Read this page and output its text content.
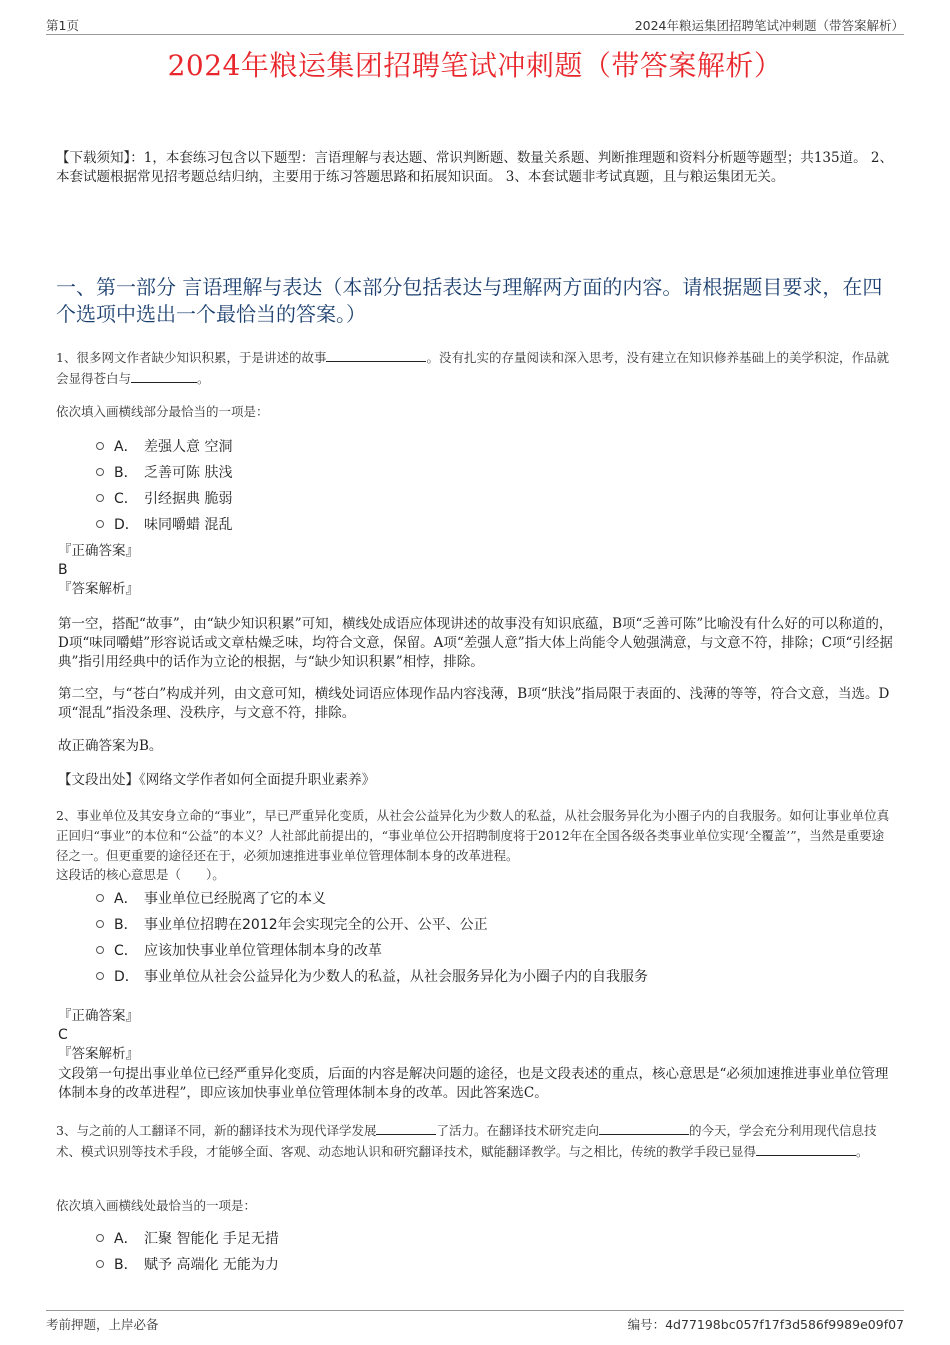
第1页	2024年粮运集团招聘笔试冲刺题（带答案解析）
2024年粮运集团招聘笔试冲刺题（带答案解析）
【下载须知】：1，本套练习包含以下题型：言语理解与表达题、常识判断题、数量关系题、判断推理题和资料分析题等题型；共135道。 2、本套试题根据常见招考题总结归纳，主要用于练习答题思路和拓展知识面。 3、本套试题非考试真题，且与粮运集团无关。
一、第一部分 言语理解与表达（本部分包括表达与理解两方面的内容。请根据题目要求，在四个选项中选出一个最恰当的答案。）
1、很多网文作者缺少知识积累，于是讲述的故事	。没有扎实的存量阅读和深入思考，没有建立在知识修养基础上的美学积淀，作品就会显得苍白与	。
依次填入画横线部分最恰当的一项是：
A． 差强人意 空洞
B． 乏善可陈 肤浅
C． 引经据典 脆弱
D． 味同嚼蜡 混乱
『正确答案』
B
『答案解析』
第一空，搭配“故事”，由“缺少知识积累”可知，横线处成语应体现讲述的故事没有知识底蕴，B项“乏善可陈”比喻没有什么好的可以称道的，D项“味同嚼蜡”形容说话或文章枯燥乏味，均符合文意，保留。A项“差强人意”指大体上尚能令人勉强满意，与文意不符，排除；C项“引经据典”指引用经典中的话作为立论的根据，与“缺少知识积累”相悖，排除。
第二空，与“苍白”构成并列，由文意可知，横线处词语应体现作品内容浅薄，B项“肤浅”指局限于表面的、浅薄的等等，符合文意，当选。D项“混乱”指没条理、没秩序，与文意不符，排除。
故正确答案为B。
【文段出处】《网络文学作者如何全面提升职业素养》
2、事业单位及其安身立命的“事业”，早已严重异化变质，从社会公益异化为少数人的私益，从社会服务异化为小圈子内的自我服务。如何让事业单位真正回归“事业”的本位和“公益”的本义？人社部此前提出的，“事业单位公开招聘制度将于2012年在全国各级各类事业单位实现‘全覆盖’”，当然是重要途径之一。但更重要的途径还在于，必须加速推进事业单位管理体制本身的改革进程。
这段话的核心意思是（　　）。
A． 事业单位已经脱离了它的本义
B． 事业单位招聘在2012年会实现完全的公开、公平、公正
C． 应该加快事业单位管理体制本身的改革
D． 事业单位从社会公益异化为少数人的私益，从社会服务异化为小圈子内的自我服务
『正确答案』
C
『答案解析』
文段第一句提出事业单位已经严重异化变质，后面的内容是解决问题的途径，也是文段表述的重点，核心意思是“必须加速推进事业单位管理体制本身的改革进程”，即应该加快事业单位管理体制本身的改革。因此答案选C。
3、与之前的人工翻译不同，新的翻译技术为现代译学发展	了活力。在翻译技术研究走向	的今天，学会充分利用现代信息技术、模式识别等技术手段，才能够全面、客观、动态地认识和研究翻译技术，赋能翻译教学。与之相比，传统的教学手段已显得	。
依次填入画横线处最恰当的一项是：
A． 汇聚 智能化 手足无措
B． 赋予 高端化 无能为力
考前押题，上岸必备	编号：4d77198bc057f17f3d586f9989e09f07
